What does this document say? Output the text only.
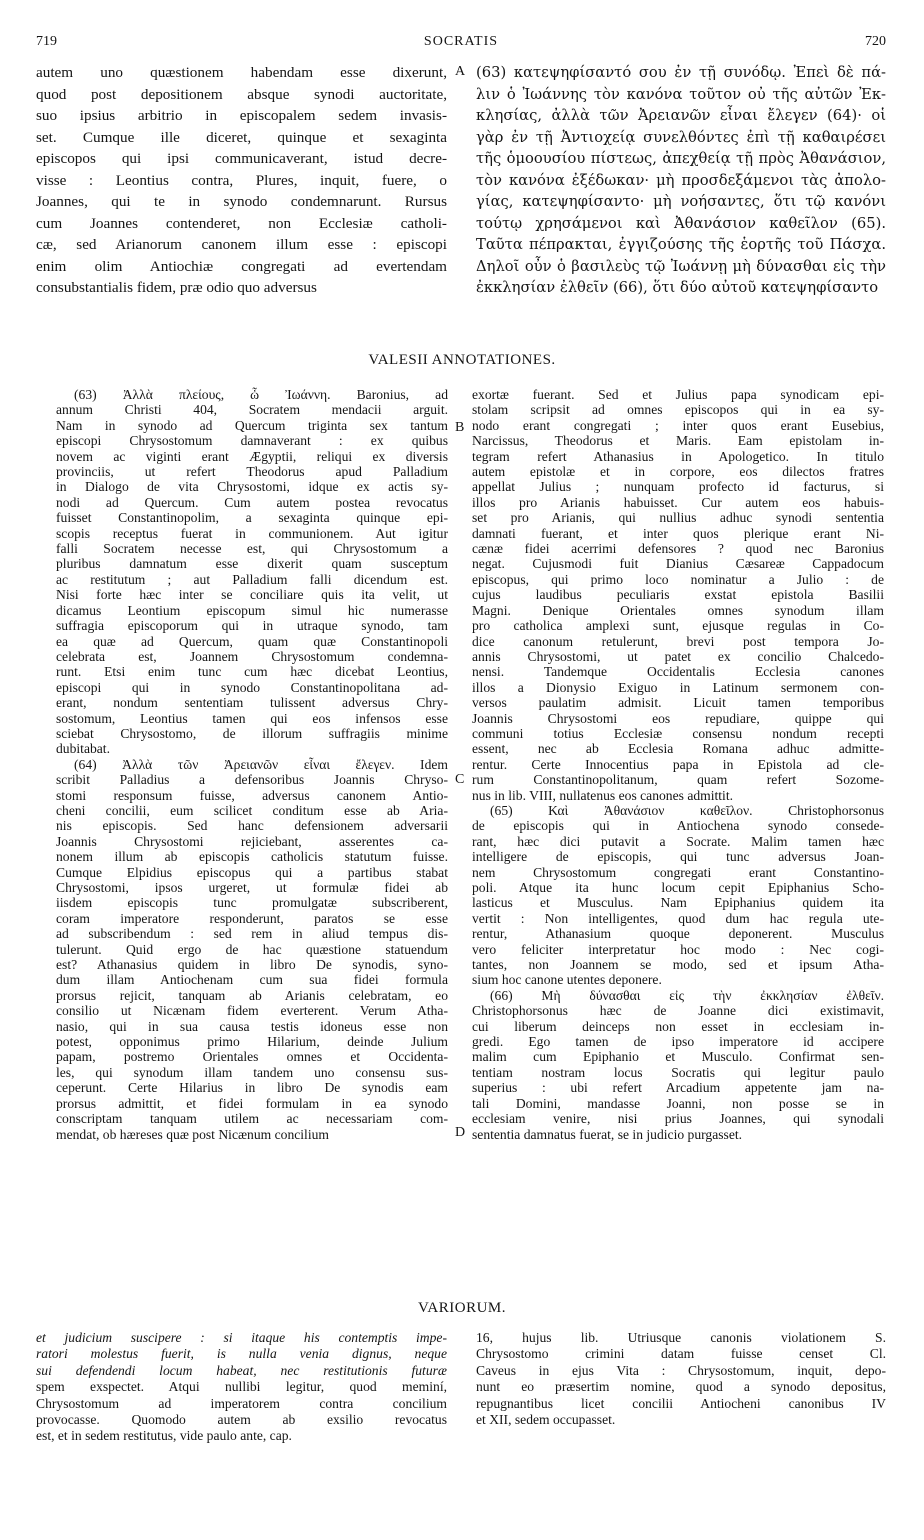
719	SOCRATIS	720
autem uno quæstionem habendam esse dixerunt,
quod post depositionem absque synodi auctoritate,
suo ipsius arbitrio in episcopalem sedem invasis-
set. Cumque ille diceret, quinque et sexaginta
episcopos qui ipsi communicaverant, istud decre-
visse : Leontius contra, Plures, inquit, fuere, o
Joannes, qui te in synodo condemnarunt. Rursus
cum Joannes contenderet, non Ecclesiæ catholi-
cæ, sed Arianorum canonem illum esse : episcopi
enim olim Antiochiæ congregati ad evertendam
consubstantialis fidem, præ odio quo adversus
(63) κατεψηφίσαντό σου ἐν τῇ συνόδῳ. Ἐπεὶ δὲ πά-
λιν ὁ Ἰωάννης τὸν κανόνα τοῦτον οὐ τῆς αὐτῶν Ἐκ-
κλησίας, ἀλλὰ τῶν Ἀρειανῶν εἶναι ἔλεγεν (64)· οἱ
γὰρ ἐν τῇ Ἀντιοχείᾳ συνελθόντες ἐπὶ τῇ καθαιρέσει
τῆς ὁμοουσίου πίστεως, ἀπεχθείᾳ τῇ πρὸς Ἀθανάσιον,
τὸν κανόνα ἐξέδωκαν· μὴ προσδεξάμενοι τὰς ἀπολο-
γίας, κατεψηφίσαντο· μὴ νοήσαντες, ὅτι τῷ κανόνι
τούτῳ χρησάμενοι καὶ Ἀθανάσιον καθεῖλον (65).
Ταῦτα πέπρακται, ἐγγιζούσης τῆς ἑορτῆς τοῦ Πάσχα.
Δηλοῖ οὖν ὁ βασιλεὺς τῷ Ἰωάννῃ μὴ δύνασθαι εἰς τὴν
ἐκκλησίαν ἐλθεῖν (66), ὅτι δύο αὐτοῦ κατεψηφίσαντο
A
VALESII ANNOTATIONES.
(63) Ἀλλὰ πλείους, ὦ Ἰωάννη. Baronius, ad
annum Christi 404, Socratem mendacii arguit.
Nam in synodo ad Quercum triginta sex tantum
episcopi Chrysostomum damnaverant : ex quibus
novem ac viginti erant Ægyptii, reliqui ex diversis
provinciis, ut refert Theodorus apud Palladium
in Dialogo de vita Chrysostomi, idque ex actis sy-
nodi ad Quercum. Cum autem postea revocatus
fuisset Constantinopolim, a sexaginta quinque epi-
scopis receptus fuerat in communionem. Aut igitur
falli Socratem necesse est, qui Chrysostomum a
pluribus damnatum esse dixerit quam susceptum
ac restitutum ; aut Palladium falli dicendum est.
Nisi forte hæc inter se conciliare quis ita velit, ut
dicamus Leontium episcopum simul hic numerasse
suffragia episcoporum qui in utraque synodo, tam
ea quæ ad Quercum, quam quæ Constantinopoli
celebrata est, Joannem Chrysostomum condemna-
runt. Etsi enim tunc cum hæc dicebat Leontius,
episcopi qui in synodo Constantinopolitana ad-
erant, nondum sententiam tulissent adversus Chry-
sostomum, Leontius tamen qui eos infensos esse
sciebat Chrysostomo, de illorum suffragiis minime
dubitabat.
(64) Ἀλλὰ τῶν Ἀρειανῶν εἶναι ἔλεγεν. Idem
scribit Palladius a defensoribus Joannis Chryso-
stomi responsum fuisse, adversus canonem Antio-
cheni concilii, eum scilicet conditum esse ab Aria-
nis episcopis. Sed hanc defensionem adversarii
Joannis Chrysostomi rejiciebant, asserentes ca-
nonem illum ab episcopis catholicis statutum fuisse.
Cumque Elpidius episcopus qui a partibus stabat
Chrysostomi, ipsos urgeret, ut formulæ fidei ab
iisdem episcopis tunc promulgatæ subscriberent,
coram imperatore responderunt, paratos se esse
ad subscribendum : sed rem in aliud tempus dis-
tulerunt. Quid ergo de hac quæstione statuendum
est? Athanasius quidem in libro De synodis, syno-
dum illam Antiochenam cum sua fidei formula
prorsus rejicit, tanquam ab Arianis celebratam, eo
consilio ut Nicænam fidem everterent. Verum Atha-
nasio, qui in sua causa testis idoneus esse non
potest, opponimus primo Hilarium, deinde Julium
papam, postremo Orientales omnes et Occidenta-
les, qui synodum illam tandem uno consensu sus-
ceperunt. Certe Hilarius in libro De synodis eam
prorsus admittit, et fidei formulam in ea synodo
conscriptam tanquam utilem ac necessariam com-
mendat, ob hæreses quæ post Nicænum concilium
exortæ fuerant. Sed et Julius papa synodicam epi-
stolam scripsit ad omnes episcopos qui in ea sy-
nodo erant congregati ; inter quos erant Eusebius,
Narcissus, Theodorus et Maris. Eam epistolam in-
tegram refert Athanasius in Apologetico. In titulo
autem epistolæ et in corpore, eos dilectos fratres
appellat Julius ; nunquam profecto id facturus, si
illos pro Arianis habuisset. Cur autem eos habuis-
set pro Arianis, qui nullius adhuc synodi sententia
damnati fuerant, et inter quos plerique erant Ni-
cænæ fidei acerrimi defensores ? quod nec Baronius
negat. Cujusmodi fuit Dianius Cæsareæ Cappadocum
episcopus, qui primo loco nominatur a Julio : de
cujus laudibus peculiaris exstat epistola Basilii
Magni. Denique Orientales omnes synodum illam
pro catholica amplexi sunt, ejusque regulas in Co-
dice canonum retulerunt, brevi post tempora Jo-
annis Chrysostomi, ut patet ex concilio Chalcedo-
nensi. Tandemque Occidentalis Ecclesia canones
illos a Dionysio Exiguo in Latinum sermonem con-
versos paulatim admisit. Licuit tamen temporibus
Joannis Chrysostomi eos repudiare, quippe qui
communi totius Ecclesiæ consensu nondum recepti
essent, nec ab Ecclesia Romana adhuc admitte-
rentur. Certe Innocentius papa in Epistola ad cle-
rum Constantinopolitanum, quam refert Sozome-
nus in lib. VIII, nullatenus eos canones admittit.
(65) Καὶ Ἀθανάσιον καθεῖλον. Christophorsonus
de episcopis qui in Antiochena synodo consede-
rant, hæc dici putavit a Socrate. Malim tamen hæc
intelligere de episcopis, qui tunc adversus Joan-
nem Chrysostomum congregati erant Constantino-
poli. Atque ita hunc locum cepit Epiphanius Scho-
lasticus et Musculus. Nam Epiphanius quidem ita
vertit : Non intelligentes, quod dum hac regula ute-
rentur, Athanasium quoque deponerent. Musculus
vero feliciter interpretatur hoc modo : Nec cogi-
tantes, non Joannem se modo, sed et ipsum Atha-
sium hoc canone utentes deponere.
(66) Μὴ δύνασθαι εἰς τὴν ἐκκλησίαν ἐλθεῖν.
Christophorsonus hæc de Joanne dici existimavit,
cui liberum deinceps non esset in ecclesiam in-
gredi. Ego tamen de ipso imperatore id accipere
malim cum Epiphanio et Musculo. Confirmat sen-
tentiam nostram locus Socratis qui legitur paulo
superius : ubi refert Arcadium appetente jam na-
tali Domini, mandasse Joanni, non posse se in
ecclesiam venire, nisi prius Joannes, qui synodali
sententia damnatus fuerat, se in judicio purgasset.
B
C
D
VARIORUM.
et judicium suscipere : si itaque his contemptis impe-
ratori molestus fuerit, is nulla venia dignus, neque
sui defendendi locum habeat, nec restitutionis futuræ
spem exspectet. Atqui nullibi legitur, quod meminí,
Chrysostomum ad imperatorem contra concilium
provocasse. Quomodo autem ab exsilio revocatus
est, et in sedem restitutus, vide paulo ante, cap.
16, hujus lib. Utriusque canonis violationem S.
Chrysostomo crimini datam fuisse censet Cl.
Caveus in ejus Vita : Chrysostomum, inquit, depo-
nunt eo præsertim nomine, quod a synodo depositus,
repugnantibus licet concilii Antiocheni canonibus IV
et XII, sedem occupasset.
